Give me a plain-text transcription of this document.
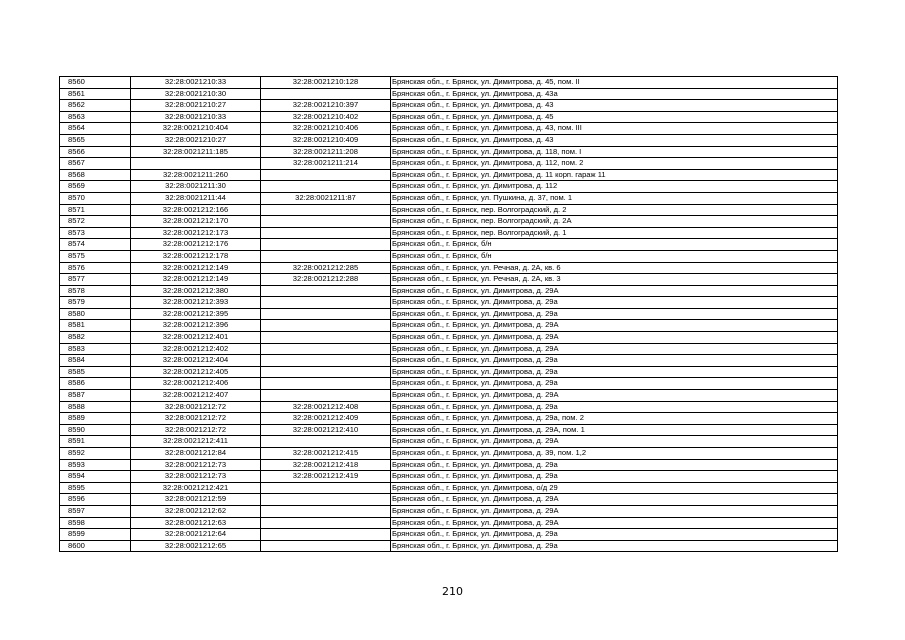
8560	32:28:0021210:33	32:28:0021210:128	Брянская обл., г. Брянск, ул. Димитрова, д. 45, пом. II
8561	32:28:0021210:30		Брянская обл., г. Брянск, ул. Димитрова, д. 43а
8562	32:28:0021210:27	32:28:0021210:397	Брянская обл., г. Брянск, ул. Димитрова, д. 43
8563	32:28:0021210:33	32:28:0021210:402	Брянская обл., г. Брянск, ул. Димитрова, д. 45
8564	32:28:0021210:404	32:28:0021210:406	Брянская обл., г. Брянск, ул. Димитрова, д. 43, пом. III
8565	32:28:0021210:27	32:28:0021210:409	Брянская обл., г. Брянск, ул. Димитрова, д. 43
8566	32:28:0021211:185	32:28:0021211:208	Брянская обл., г. Брянск, ул. Димитрова, д. 118, пом. I
8567		32:28:0021211:214	Брянская обл., г. Брянск, ул. Димитрова, д. 112, пом. 2
8568	32:28:0021211:260		Брянская обл., г. Брянск, ул. Димитрова, д. 11 корп. гараж 11
8569	32:28:0021211:30		Брянская обл., г. Брянск, ул. Димитрова, д. 112
8570	32:28:0021211:44	32:28:0021211:87	Брянская обл., г. Брянск, ул. Пушкина, д. 37, пом. 1
8571	32:28:0021212:166		Брянская обл., г. Брянск, пер. Волгоградский, д. 2
8572	32:28:0021212:170		Брянская обл., г. Брянск, пер. Волгоградский, д. 2А
8573	32:28:0021212:173		Брянская обл., г. Брянск, пер. Волгоградский, д. 1
8574	32:28:0021212:176		Брянская обл., г. Брянск, б/н
8575	32:28:0021212:178		Брянская обл., г. Брянск, б/н
8576	32:28:0021212:149	32:28:0021212:285	Брянская обл., г. Брянск, ул. Речная, д. 2А, кв. 6
8577	32:28:0021212:149	32:28:0021212:288	Брянская обл., г. Брянск, ул. Речная, д. 2А, кв. 3
8578	32:28:0021212:380		Брянская обл., г. Брянск, ул. Димитрова, д. 29А
8579	32:28:0021212:393		Брянская обл., г. Брянск, ул. Димитрова, д. 29а
8580	32:28:0021212:395		Брянская обл., г. Брянск, ул. Димитрова, д. 29а
8581	32:28:0021212:396		Брянская обл., г. Брянск, ул. Димитрова, д. 29А
8582	32:28:0021212:401		Брянская обл., г. Брянск, ул. Димитрова, д. 29А
8583	32:28:0021212:402		Брянская обл., г. Брянск, ул. Димитрова, д. 29А
8584	32:28:0021212:404		Брянская обл., г. Брянск, ул. Димитрова, д. 29а
8585	32:28:0021212:405		Брянская обл., г. Брянск, ул. Димитрова, д. 29а
8586	32:28:0021212:406		Брянская обл., г. Брянск, ул. Димитрова, д. 29а
8587	32:28:0021212:407		Брянская обл., г. Брянск, ул. Димитрова, д. 29А
8588	32:28:0021212:72	32:28:0021212:408	Брянская обл., г. Брянск, ул. Димитрова, д. 29а
8589	32:28:0021212:72	32:28:0021212:409	Брянская обл., г. Брянск, ул. Димитрова, д. 29а, пом. 2
8590	32:28:0021212:72	32:28:0021212:410	Брянская обл., г. Брянск, ул. Димитрова, д. 29А, пом. 1
8591	32:28:0021212:411		Брянская обл., г. Брянск, ул. Димитрова, д. 29А
8592	32:28:0021212:84	32:28:0021212:415	Брянская обл., г. Брянск, ул. Димитрова, д. 39, пом. 1,2
8593	32:28:0021212:73	32:28:0021212:418	Брянская обл., г. Брянск, ул. Димитрова, д. 29а
8594	32:28:0021212:73	32:28:0021212:419	Брянская обл., г. Брянск, ул. Димитрова, д. 29а
8595	32:28:0021212:421		Брянская обл., г. Брянск, ул. Димитрова, о/д 29
8596	32:28:0021212:59		Брянская обл., г. Брянск, ул. Димитрова, д. 29А
8597	32:28:0021212:62		Брянская обл., г. Брянск, ул. Димитрова, д. 29А
8598	32:28:0021212:63		Брянская обл., г. Брянск, ул. Димитрова, д. 29А
8599	32:28:0021212:64		Брянская обл., г. Брянск, ул. Димитрова, д. 29а
8600	32:28:0021212:65		Брянская обл., г. Брянск, ул. Димитрова, д. 29а
210
